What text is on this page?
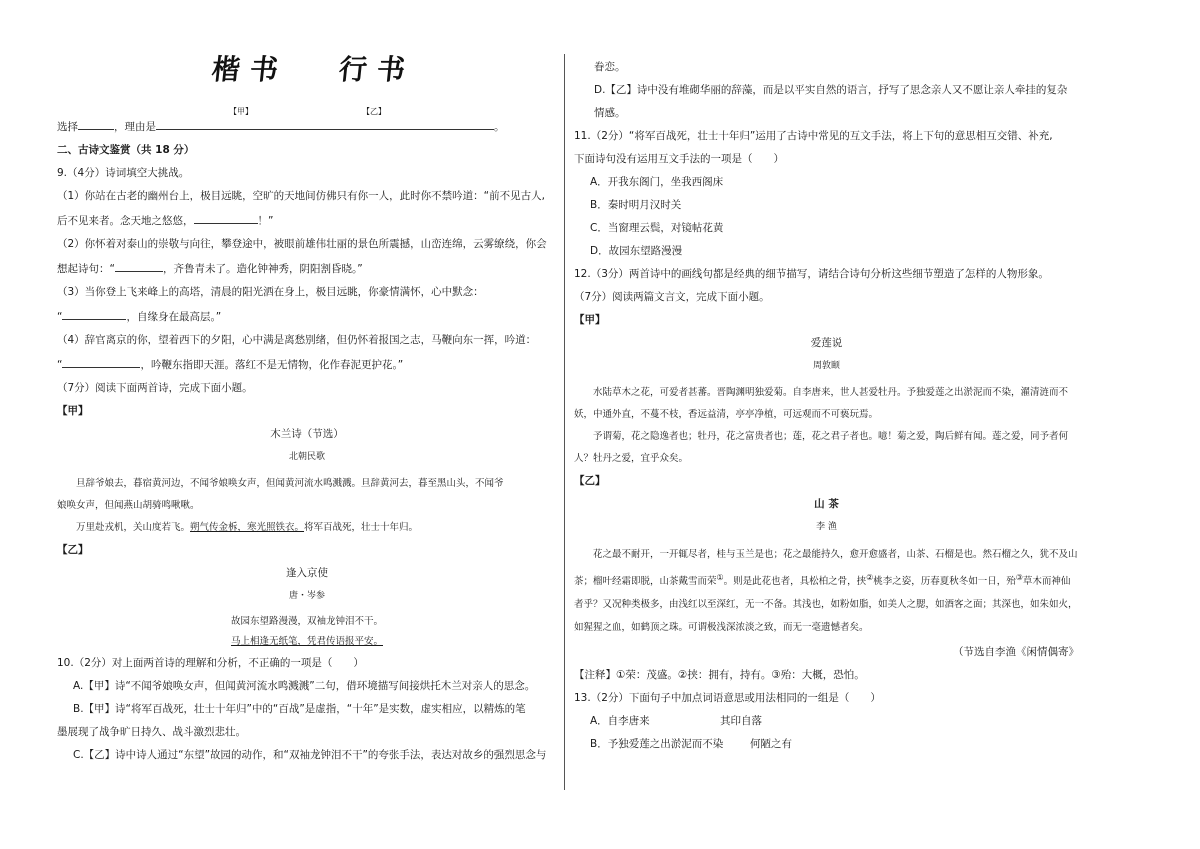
楷书 行书
【甲】	【乙】
选择	，理由是	。
二、古诗文鉴赏（共 18 分）
9.（4分）诗词填空大挑战。
（1）你站在古老的幽州台上，极目远眺，空旷的天地间仿佛只有你一人，此时你不禁吟道：“前不见古人,
后不见来者。念天地之悠悠，	！”
（2）你怀着对泰山的崇敬与向往，攀登途中，被眼前雄伟壮丽的景色所震撼，山峦连绵，云雾缭绕，你会
想起诗句：“	，齐鲁青未了。造化钟神秀，阴阳割昏晓。”
（3）当你登上飞来峰上的高塔，清晨的阳光洒在身上，极目远眺，你豪情满怀，心中默念：
“	，自缘身在最高层。”
（4）辞官离京的你，望着西下的夕阳，心中满是离愁别绪，但仍怀着报国之志，马鞭向东一挥，吟道：
“	，吟鞭东指即天涯。落红不是无情物，化作春泥更护花。”
（7分）阅读下面两首诗，完成下面小题。
【甲】
木兰诗（节选）
北朝民歌
旦辞爷娘去，暮宿黄河边，不闻爷娘唤女声，但闻黄河流水鸣溅溅。旦辞黄河去，暮至黑山头，不闻爷
娘唤女声，但闻燕山胡骑鸣啾啾。
万里赴戎机，关山度若飞。朔气传金柝，寒光照铁衣。将军百战死，壮士十年归。
【乙】
逢入京使
唐・岑参
故园东望路漫漫，双袖龙钟泪不干。
马上相逢无纸笔，凭君传语报平安。
10.（2分）对上面两首诗的理解和分析，不正确的一项是（　　）
A.【甲】诗“不闻爷娘唤女声，但闻黄河流水鸣溅溅”二句，借环境描写间接烘托木兰对亲人的思念。
B.【甲】诗“将军百战死，壮士十年归”中的“百战”是虚指，“十年”是实数，虚实相应，以精炼的笔
墨展现了战争旷日持久、战斗激烈悲壮。
C.【乙】诗中诗人通过“东望”故园的动作，和“双袖龙钟泪不干”的夸张手法，表达对故乡的强烈思念与
眷恋。
D.【乙】诗中没有堆砌华丽的辞藻，而是以平实自然的语言，抒写了思念亲人又不愿让亲人牵挂的复杂
情感。
11.（2分）“将军百战死，壮士十年归”运用了古诗中常见的互文手法，将上下句的意思相互交错、补充,
下面诗句没有运用互文手法的一项是（　　）
A．开我东阁门，坐我西阁床
B．秦时明月汉时关
C．当窗理云鬓，对镜帖花黄
D．故园东望路漫漫
12.（3分）两首诗中的画线句都是经典的细节描写，请结合诗句分析这些细节塑造了怎样的人物形象。
（7分）阅读两篇文言文，完成下面小题。
【甲】
爱莲说
周敦颐
水陆草木之花，可爱者甚蕃。晋陶渊明独爱菊。自李唐来，世人甚爱牡丹。予独爱莲之出淤泥而不染，濯清涟而不妖，中通外直，不蔓不枝，香远益清，亭亭净植，可远观而不可亵玩焉。
予谓菊，花之隐逸者也；牡丹，花之富贵者也；莲，花之君子者也。噫！菊之爱，陶后鲜有闻。莲之爱，同予者何人？牡丹之爱，宜乎众矣。
【乙】
山 茶
李 渔
花之最不耐开，一开辄尽者，桂与玉兰是也；花之最能持久，愈开愈盛者，山茶、石榴是也。然石榴之久，犹不及山茶；榴叶经霜即脱，山茶戴雪而荣①。则是此花也者，具松柏之骨，挟②桃李之姿，历春夏秋冬如一日，殆③草木而神仙者乎？又况种类极多，由浅红以至深红，无一不备。其浅也，如粉如脂，如美人之腮，如酒客之面；其深也，如朱如火，如猩猩之血，如鹤顶之珠。可谓极浅深浓淡之致，而无一毫遗憾者矣。
（节选自李渔《闲情偶寄》
【注释】①荣：茂盛。②挟：拥有，持有。③殆：大概，恐怕。
13.（2分）下面句子中加点词语意思或用法相同的一组是（　　）
A．自李唐来	其印自落
B．予独爱莲之出淤泥而不染	何陋之有
